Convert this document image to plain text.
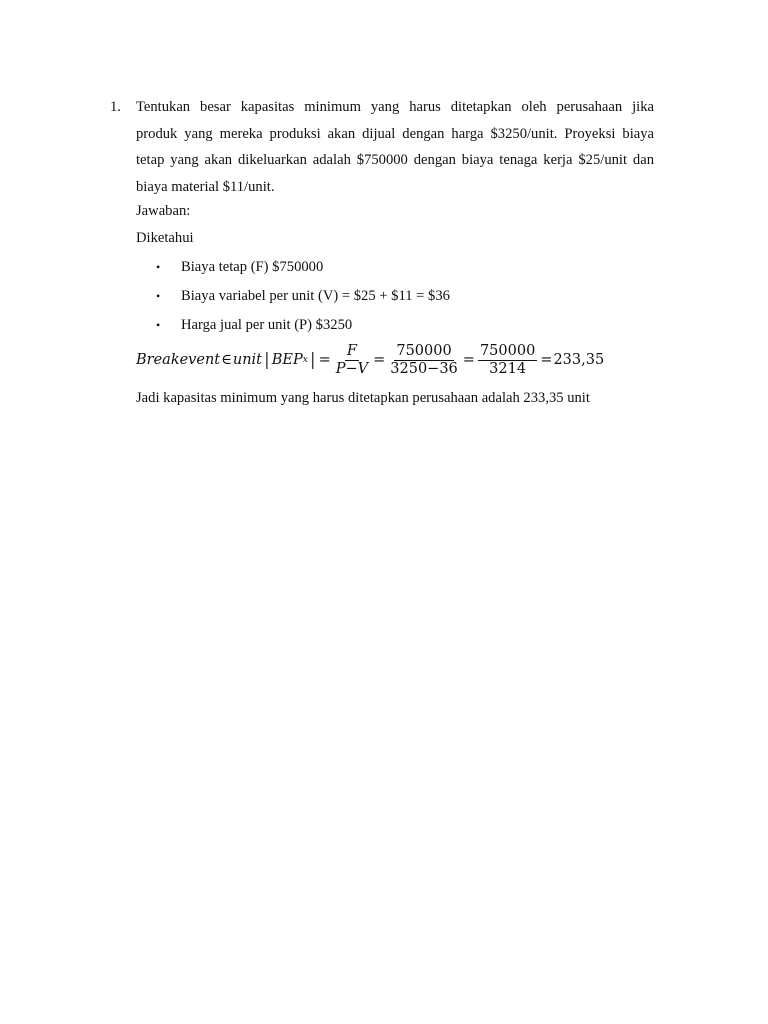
1. Tentukan besar kapasitas minimum yang harus ditetapkan oleh perusahaan jika
produk yang mereka produksi akan dijual dengan harga $3250/unit. Proyeksi biaya
tetap yang akan dikeluarkan adalah $750000 dengan biaya tenaga kerja $25/unit dan
biaya material $11/unit.
Jawaban:
Diketahui
• Biaya tetap (F) $750000
• Biaya variabel per unit (V) = $25 + $11 = $36
• Harga jual per unit (P) $3250
Breakevent ∈ unit | BEP x | = $\frac{F}{P-V} = \frac{750000}{3250-36} = \frac{750000}{3214} = 233,35$
Jadi kapasitas minimum yang harus ditetapkan perusahaan adalah 233,35 unit
